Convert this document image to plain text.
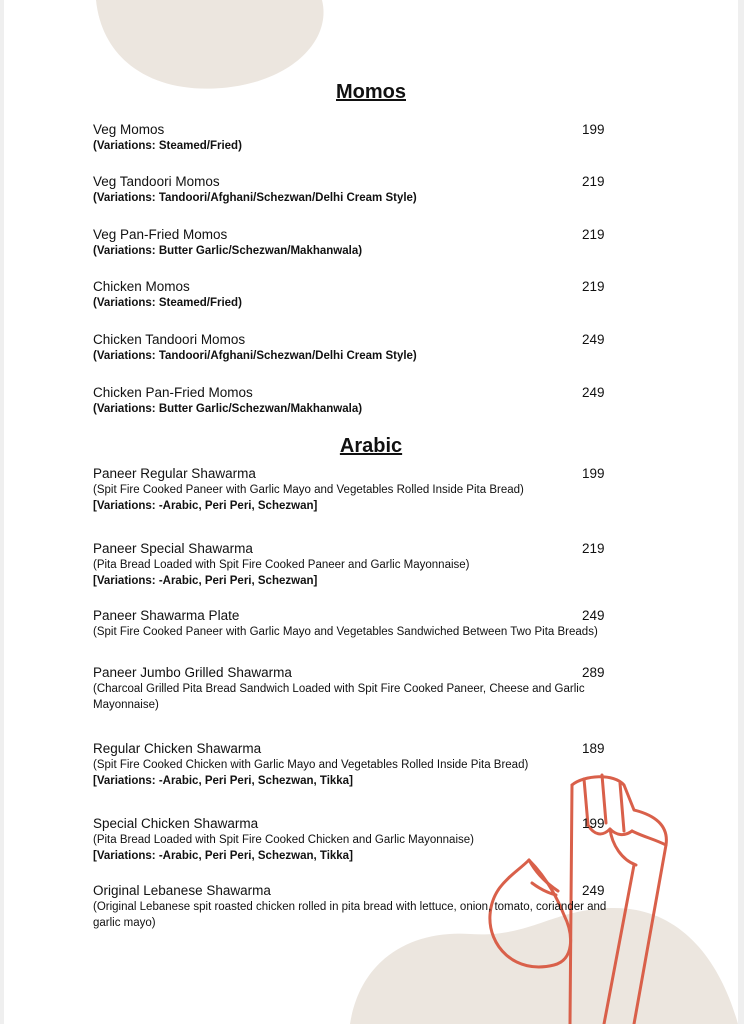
Momos
Veg Momos	199
(Variations: Steamed/Fried)
Veg Tandoori Momos	219
(Variations: Tandoori/Afghani/Schezwan/Delhi Cream Style)
Veg Pan-Fried Momos	219
(Variations: Butter Garlic/Schezwan/Makhanwala)
Chicken Momos	219
(Variations: Steamed/Fried)
Chicken Tandoori Momos	249
(Variations: Tandoori/Afghani/Schezwan/Delhi Cream Style)
Chicken Pan-Fried Momos	249
(Variations: Butter Garlic/Schezwan/Makhanwala)
Arabic
Paneer Regular Shawarma	199
(Spit Fire Cooked Paneer with Garlic Mayo and Vegetables Rolled Inside Pita Bread)
[Variations: -Arabic, Peri Peri, Schezwan]
Paneer Special Shawarma	219
(Pita Bread Loaded with Spit Fire Cooked Paneer and Garlic Mayonnaise)
[Variations: -Arabic, Peri Peri, Schezwan]
Paneer Shawarma Plate	249
(Spit Fire Cooked Paneer with Garlic Mayo and Vegetables Sandwiched Between Two Pita Breads)
Paneer Jumbo Grilled Shawarma	289
(Charcoal Grilled Pita Bread Sandwich Loaded with Spit Fire Cooked Paneer, Cheese and Garlic Mayonnaise)
Regular Chicken Shawarma	189
(Spit Fire Cooked Chicken with Garlic Mayo and Vegetables Rolled Inside Pita Bread)
[Variations: -Arabic, Peri Peri, Schezwan, Tikka]
Special Chicken Shawarma	199
(Pita Bread Loaded with Spit Fire Cooked Chicken and Garlic Mayonnaise)
[Variations: -Arabic, Peri Peri, Schezwan, Tikka]
Original Lebanese Shawarma	249
(Original Lebanese spit roasted chicken rolled in pita bread with lettuce, onion, tomato, coriander and garlic mayo)
